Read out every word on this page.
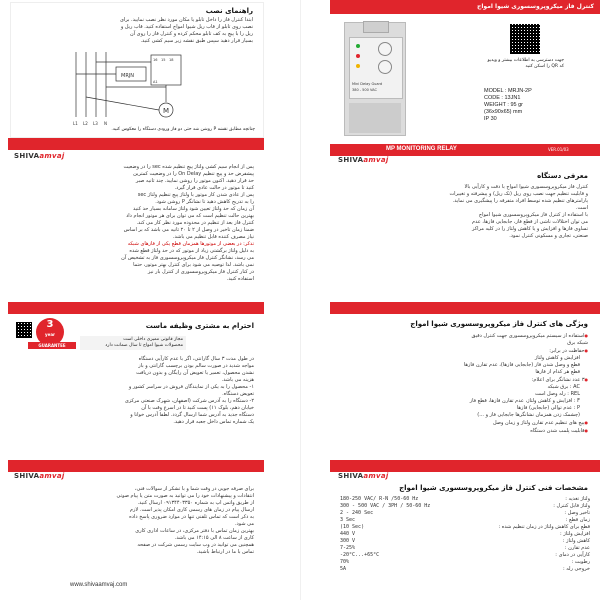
راهنمای نصب
ابتدا کنترل فاز را داخل تابلو یا مکان مورد نظر نصب نمایید. برای
نصب روی تابلو از قاب ریل شیوا امواج استفاده کنید. قاب ریل و
ریل را با پیچ به کف تابلو محکم کرده و کنترل فاز را روی آن
بسیار قرار دهید سپس طبق نقشه زیر سیم کشی کنید.
M
MRJN
L1 L2 L3 N
16 15 18
A1
چنانچه مطابق نقشه P روشن شد حتی دو فاز ورودی دستگاه را معکوس کنید.
SHIVAamvaj
پس از انجام سیم کشی ولتاژ پیچ تنظیم شده sec را در وضعیت
پیشفرض حد و پیچ تنظیم On Delay را در وضعیت کمترین
حد قرار دهید. اکنون موتور را روشن نمایید. چند ثانیه صبر
کنید تا موتور در حالت عادی قرار گیرد.
پس از عادی شدن کار موتور با ولتاژ پیچ تنظیم ولتاژ sec
را به تدریج کاهش دهید تا نشانگر P روشن شود.
آن زمان که حد ولتاژ تعیین شود ولتاژ سامانه بسیار حد کنید
بهترین حالت تنظیم است که می توان برای هر موتور انجام داد
کنترل فاز بعد از تنظیم در محدوده مورد نظر کار می کند.
ضمنا زمان تاخیر در وصل از ۲ تا ۲۰ ثانیه می باشد که بر اساس
نیاز مصرف کننده قابل تنظیم می باشد.
تذکر: در بعضی از موتورها همزمان قطع یکی از فازهای شبکه
به دلیل ولتاژ برگشتی زیاد از موتور که در حد ولتاژ قطع شده
می رسد، نشانگر کنترل فاز میکروپروسسوری فاز به تشخیص آن
نمی باشد. لذا توصیه می شود برای کنترل بهتر موتور، حتما
در کنار کنترل فاز میکروپروسسوری از کنترل بار نیز
استفاده کنید.
احترام به مشتری وظیفه ماست
3
year
GUARANTEE
مجاز قانونی ممیزی داخلی است
محصولات شیوا امواج تا سال ضمانت دارد
در طول مدت ۳ سال گارانتی، اگر با عدم کارآیی دستگاه
مواجه شدید در صورت سالم بودن برچسب گارانتی و باز
نشدن محصول، تعمیر یا تعویض آن رایگان و بدون دریافت
هزینه می باشد.
۱- محصول را به یکی از نمایندگان فروش در سراسر کشور و
تعویض دستگاه.
۲- دستگاه را به آدرس شرکت (اصفهان، شهرک صنعتی مرکزی
خیابان دهم، بلوک ۱۱) پست کنید تا در اسرع وقت با آن
دستگاه جدید به آدرس شما ارسال گردد. لطفا آدرس خوانا و
یک شماره تماس داخل جعبه قرار دهید.
SHIVAamvaj
برای صرفه جویی در وقت شما و با تشکر از سوالات فنی،
انتقادات و پیشنهادات خود را می توانید به صورت متن یا پیام صوتی
از طریق واتس اپ به شماره ۰۹۱۳۴۴۰۳۳۵۰ ارسال کنید.
ارسال پیام در زمان های رسمی کاری امکان پذیر است. لازم
به ذکر است که تماس تلفنی تنها در موارد ضروری پاسخ داده
می شود.
بهترین زمان تماس با دفتر مرکزی، در ساعات اداری کاری
کاری از ساعت ۸ الی ۱۴:۱۵ می باشد.
همچنین می توانید در وب سایت رسمی شرکت در صفحه
تماس با ما در ارتباط باشید.
www.shivaamvaj.com
کنترل فاز میکروپروسسوری شیوا امواج
Mini Delay Guard
380 - 500 VAC
جهت دسترسی به اطلاعات بیشتر و ویدیو کد QR را اسکن کنید
MODEL : MRJN-2P
CODE : 13JN1
WEIGHT : 95 gr
(36x90x65) mm
IP 30
MP MONITORING RELAY	VER.01/03
SHIVAamvaj
معرفی دستگاه
کنترل فاز میکروپروسسوری شیوا امواج با دقت و کارآیی بالا
و قابلیت تنظیم جهت نصب روی ریل (تک ریل) و پیشرفته و تغییرات
پارامترهای تنظیم شده توسط افراد متفرقه را پیشگیری می نماید.
است.
با استفاده از کنترل فاز میکروپروسسوری شیوا امواج
می توان اختلالات ناشی از قطع فاز، جابجایی فازها، عدم
تساوی فازها و افزایش و یا کاهش ولتاژ را در کلیه مراکز
صنعتی، تجاری و مسکونی کنترل نمود.
ویژگی های کنترل فاز میکروپروسسوری شیوا امواج
● استفاده از سیستم میکروپروسسوری جهت کنترل دقیق
شبکه برق
● حفاظت در برابر:
افزایش و کاهش ولتاژ
قطع و وصل شدن فاز (جابجایی فازها)، عدم تقارن فازها
قطع هر کدام از فازها
● ۳ عدد نشانگر برای اعلام:
AC : برق شبکه
REL : رله وصل است
F : افزایش و کاهش ولتاژ، عدم تقارن فازها، قطع فاز
P : عدم توالی (جابجایی) فازها
(چشمک زدن همزمان نشانگرها جابجایی فاز و ...)
● پیچ های تنظیم عدم تقارن ولتاژ و زمان وصل
● قابلیت پلمب شدن دستگاه
SHIVAamvaj
مشخصات فنی کنترل فاز میکروپروسسوری شیوا امواج
180-250 VAC/ R-N /50-60 Hz	ولتاژ تغذیه :
300 - 500 VAC / 3PH / 50-60 Hz	ولتاژ قابل کنترل :
2 - 240 Sec	تاخیر وصل :
3 Sec	زمان قطع :
(10 Sec)	قطع برای کاهش ولتاژ در زمان تنظیم شده :
440 V	افزایش ولتاژ :
300 V	کاهش ولتاژ :
7-25%	عدم تقارن :
-20°C...+65°C	کارآیی در دمای :
70%	رطوبت :
5A	خروجی رله :
